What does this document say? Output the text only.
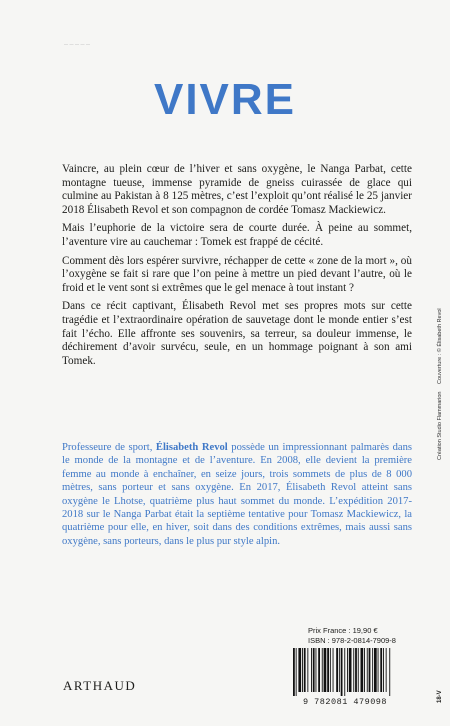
— — — — —
VIVRE

Vaincre, au plein cœur de l’hiver et sans oxygène, le Nanga Parbat, cette montagne tueuse, immense pyramide de gneiss cuirassée de glace qui culmine au Pakistan à 8 125 mètres, c’est l’exploit qu’ont réalisé le 25 janvier 2018 Élisabeth Revol et son compagnon de cordée Tomasz Mackiewicz.

Mais l’euphorie de la victoire sera de courte durée. À peine au sommet, l’aventure vire au cauchemar : Tomek est frappé de cécité.

Comment dès lors espérer survivre, réchapper de cette « zone de la mort », où l’oxygène se fait si rare que l’on peine à mettre un pied devant l’autre, où le froid et le vent sont si extrêmes que le gel menace à tout instant ?

Dans ce récit captivant, Élisabeth Revol met ses propres mots sur cette tragédie et l’extraordinaire opération de sauvetage dont le monde entier s’est fait l’écho. Elle affronte ses souvenirs, sa terreur, sa douleur immense, le déchirement d’avoir survécu, seule, en un hommage poignant à son ami Tomek.

Professeure de sport, Élisabeth Revol possède un impressionnant palmarès dans le monde de la montagne et de l’aventure. En 2008, elle devient la première femme au monde à enchaîner, en seize jours, trois sommets de plus de 8 000 mètres, sans porteur et sans oxygène. En 2017, Élisabeth Revol atteint sans oxygène le Lhotse, quatrième plus haut sommet du monde. L’expédition 2017-2018 sur le Nanga Parbat était la septième tentative pour Tomasz Mackiewicz, la quatrième pour elle, en hiver, soit dans des conditions extrêmes, mais aussi sans oxygène, sans porteurs, dans le plus pur style alpin.

Prix France : 19,90 €
ISBN : 978-2-0814-7909-8
9 782081 479098
ARTHAUD
Création Studio Flammarion Couverture : © Élisabeth Revol
18-V
